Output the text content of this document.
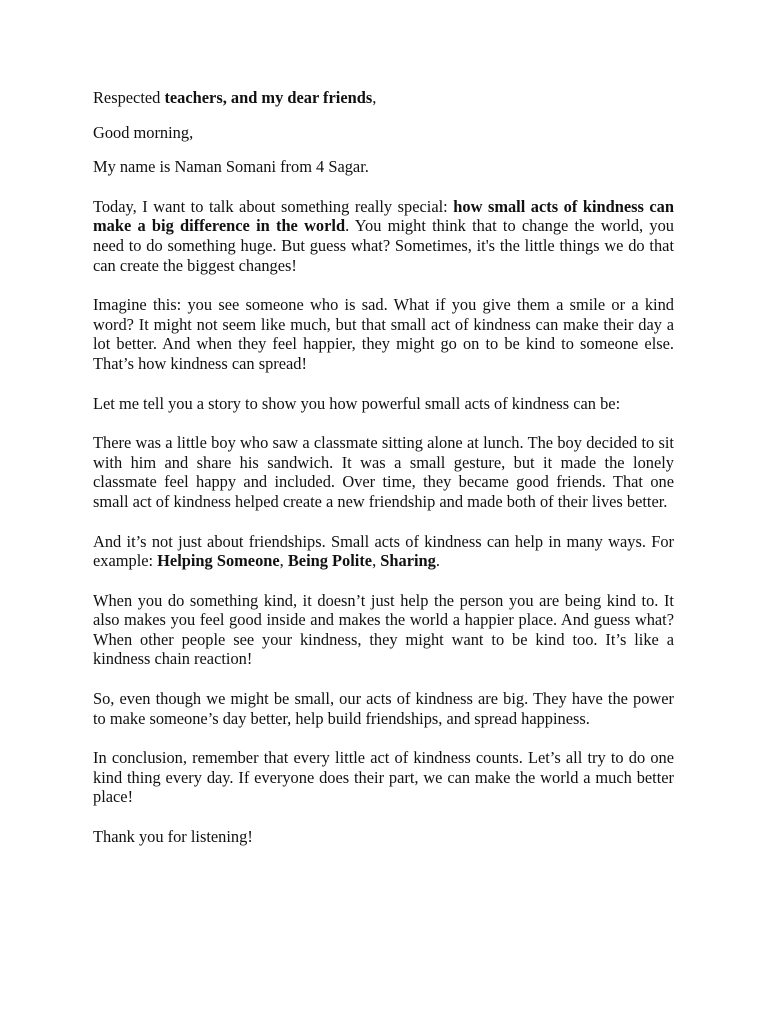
Respected teachers, and my dear friends,

Good morning,

My name is Naman Somani from 4 Sagar.

Today, I want to talk about something really special: how small acts of kindness can make a big difference in the world. You might think that to change the world, you need to do something huge. But guess what? Sometimes, it's the little things we do that can create the biggest changes!

Imagine this: you see someone who is sad. What if you give them a smile or a kind word? It might not seem like much, but that small act of kindness can make their day a lot better. And when they feel happier, they might go on to be kind to someone else. That’s how kindness can spread!

Let me tell you a story to show you how powerful small acts of kindness can be:

There was a little boy who saw a classmate sitting alone at lunch. The boy decided to sit with him and share his sandwich. It was a small gesture, but it made the lonely classmate feel happy and included. Over time, they became good friends. That one small act of kindness helped create a new friendship and made both of their lives better.

And it’s not just about friendships. Small acts of kindness can help in many ways. For example: Helping Someone, Being Polite, Sharing.

When you do something kind, it doesn’t just help the person you are being kind to. It also makes you feel good inside and makes the world a happier place. And guess what? When other people see your kindness, they might want to be kind too. It’s like a kindness chain reaction!

So, even though we might be small, our acts of kindness are big. They have the power to make someone’s day better, help build friendships, and spread happiness.

In conclusion, remember that every little act of kindness counts. Let’s all try to do one kind thing every day. If everyone does their part, we can make the world a much better place!

Thank you for listening!
